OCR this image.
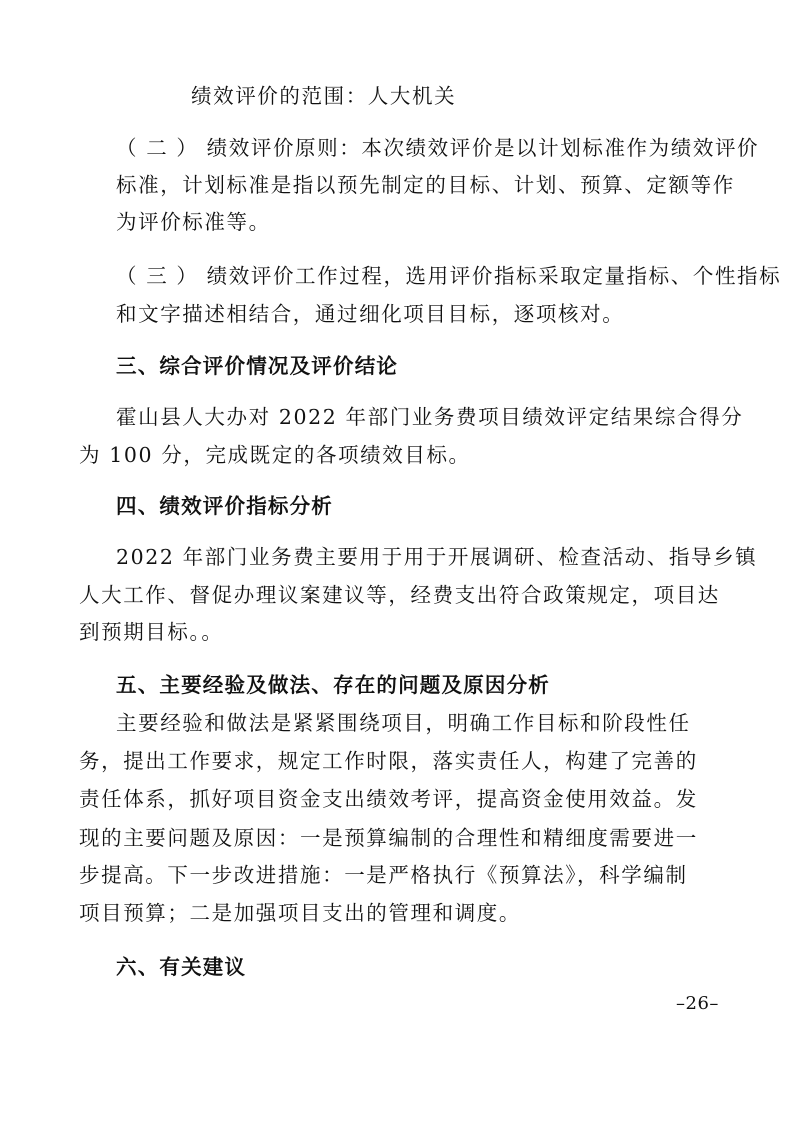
绩效评价的范围：人大机关
（ 二 ） 绩效评价原则：本次绩效评价是以计划标准作为绩效评价
标准，计划标准是指以预先制定的目标、计划、预算、定额等作
为评价标准等。
（ 三 ） 绩效评价工作过程，选用评价指标采取定量指标、个性指标
和文字描述相结合，通过细化项目目标，逐项核对。
三、综合评价情况及评价结论
霍山县人大办对 2022 年部门业务费项目绩效评定结果综合得分
为 100 分，完成既定的各项绩效目标。
四、绩效评价指标分析
2022 年部门业务费主要用于用于开展调研、检查活动、指导乡镇
人大工作、督促办理议案建议等，经费支出符合政策规定，项目达
到预期目标。。
五、主要经验及做法、存在的问题及原因分析
主要经验和做法是紧紧围绕项目，明确工作目标和阶段性任
务，提出工作要求，规定工作时限，落实责任人，构建了完善的
责任体系，抓好项目资金支出绩效考评，提高资金使用效益。发
现的主要问题及原因：一是预算编制的合理性和精细度需要进一
步提高。下一步改进措施：一是严格执行《预算法》，科学编制
项目预算；二是加强项目支出的管理和调度。
六、有关建议
–26–
